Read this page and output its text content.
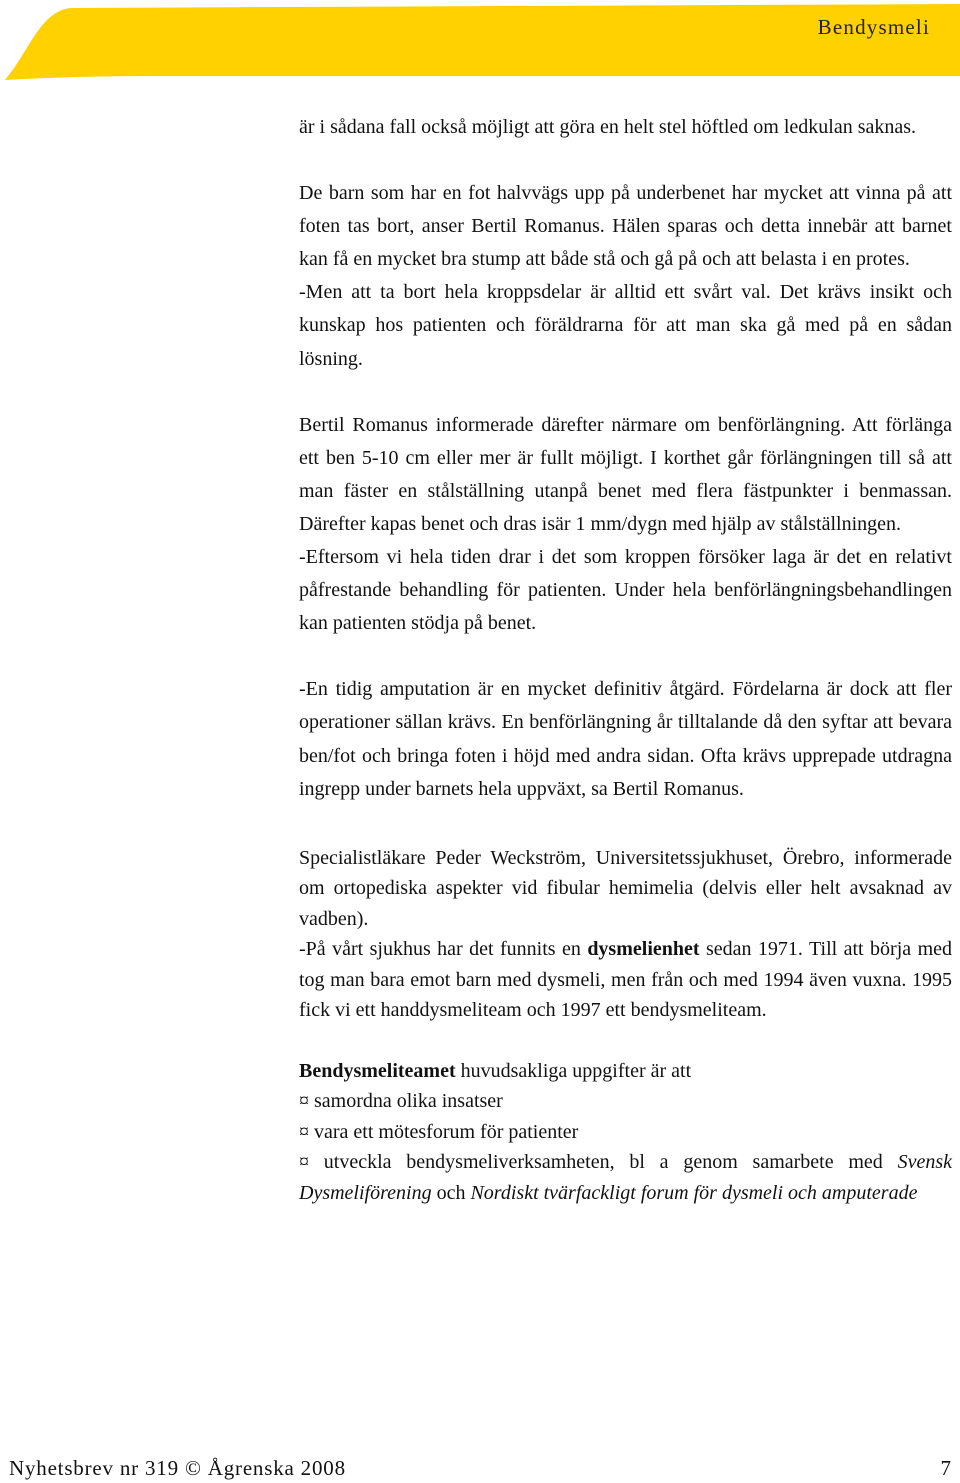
Bendysmeli

är i sådana fall också möjligt att göra en helt stel höftled om ledkulan saknas.

De barn som har en fot halvvägs upp på underbenet har mycket att vinna på att foten tas bort, anser Bertil Romanus. Hälen sparas och detta innebär att barnet kan få en mycket bra stump att både stå och gå på och att belasta i en protes.

-Men att ta bort hela kroppsdelar är alltid ett svårt val. Det krävs insikt och kunskap hos patienten och föräldrarna för att man ska gå med på en sådan lösning.

Bertil Romanus informerade därefter närmare om benförlängning. Att förlänga ett ben 5-10 cm eller mer är fullt möjligt. I korthet går förlängningen till så att man fäster en stålställning utanpå benet med flera fästpunkter i benmassan. Därefter kapas benet och dras isär 1 mm/dygn med hjälp av stålställningen.

-Eftersom vi hela tiden drar i det som kroppen försöker laga är det en relativt påfrestande behandling för patienten. Under hela benförlängningsbehandlingen kan patienten stödja på benet.

-En tidig amputation är en mycket definitiv åtgärd. Fördelarna är dock att fler operationer sällan krävs. En benförlängning år tilltalande då den syftar att bevara ben/fot och bringa foten i höjd med andra sidan. Ofta krävs upprepade utdragna ingrepp under barnets hela uppväxt, sa Bertil Romanus.

Specialistläkare Peder Weckström, Universitetssjukhuset, Örebro, informerade om ortopediska aspekter vid fibular hemimelia (delvis eller helt avsaknad av vadben).

-På vårt sjukhus har det funnits en dysmelienhet sedan 1971. Till att börja med tog man bara emot barn med dysmeli, men från och med 1994 även vuxna. 1995 fick vi ett handdysmeliteam och 1997 ett bendysmeliteam.

Bendysmeliteamet huvudsakliga uppgifter är att

¤ samordna olika insatser

¤ vara ett mötesforum för patienter

¤ utveckla bendysmeliverksamheten, bl a genom samarbete med Svensk Dysmeliförening och Nordiskt tvärfackligt forum för dysmeli och amputerade

Nyhetsbrev nr 319 © Ågrenska 2008	7
